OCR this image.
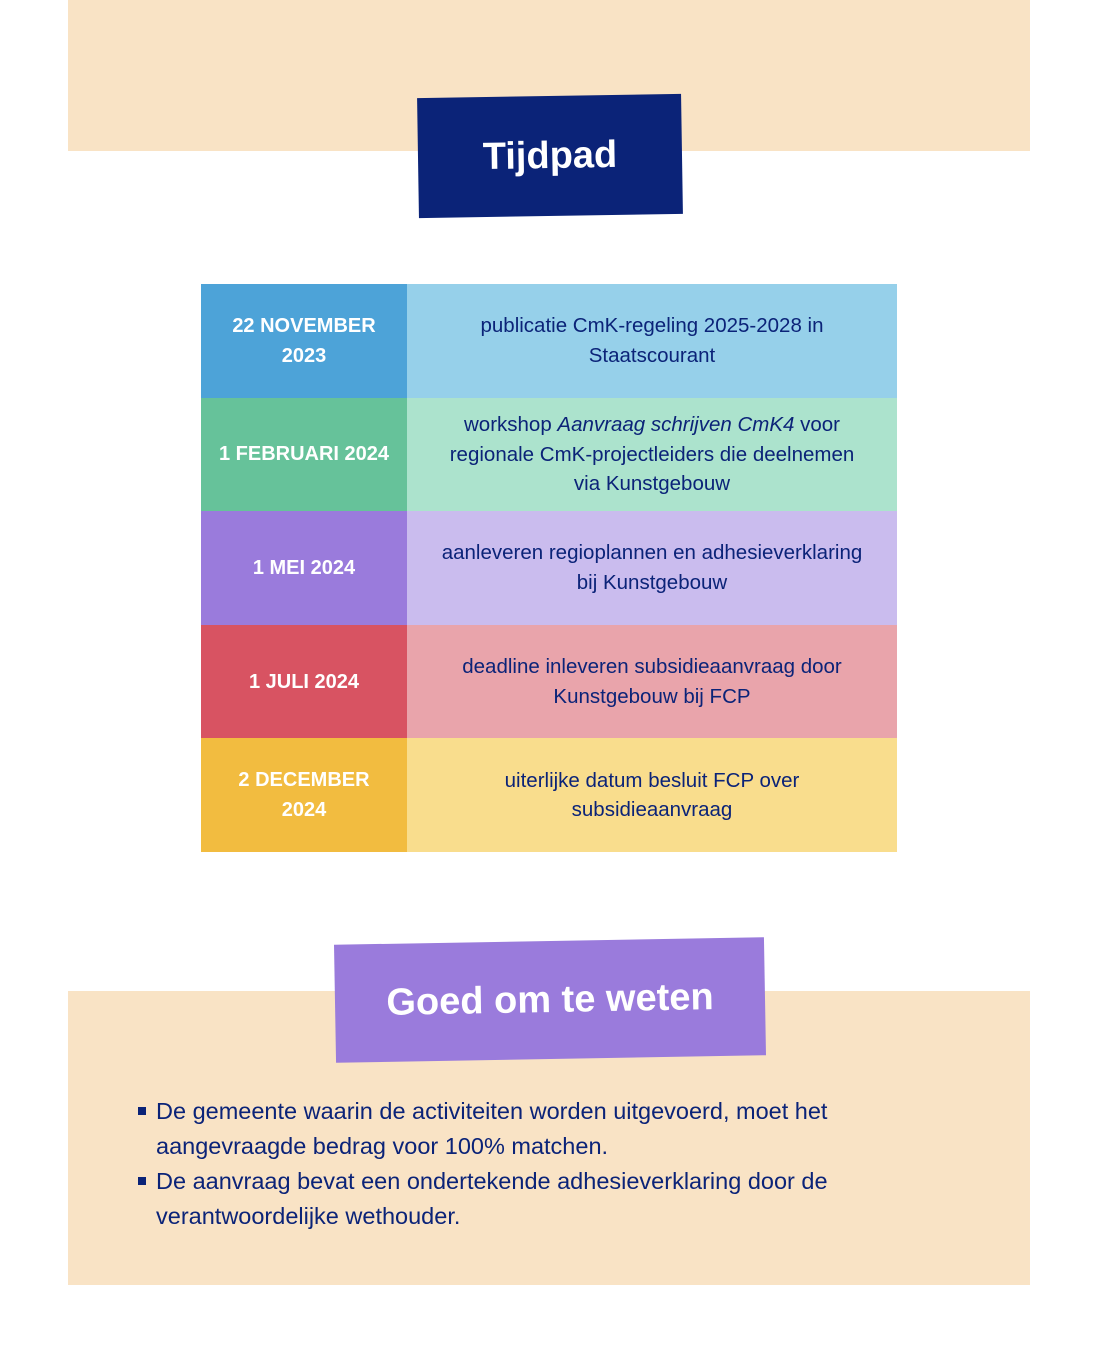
Tijdpad
22 NOVEMBER 2023
publicatie CmK-regeling 2025-2028 in Staatscourant
1 FEBRUARI 2024
workshop Aanvraag schrijven CmK4 voor regionale CmK-projectleiders die deelnemen via Kunstgebouw
1 MEI 2024
aanleveren regioplannen en adhesieverklaring bij Kunstgebouw
1 JULI 2024
deadline inleveren subsidieaanvraag door Kunstgebouw bij FCP
2 DECEMBER 2024
uiterlijke datum besluit FCP over subsidieaanvraag
Goed om te weten
De gemeente waarin de activiteiten worden uitgevoerd, moet het aangevraagde bedrag voor 100% matchen.
De aanvraag bevat een ondertekende adhesieverklaring door de verantwoordelijke wethouder.
